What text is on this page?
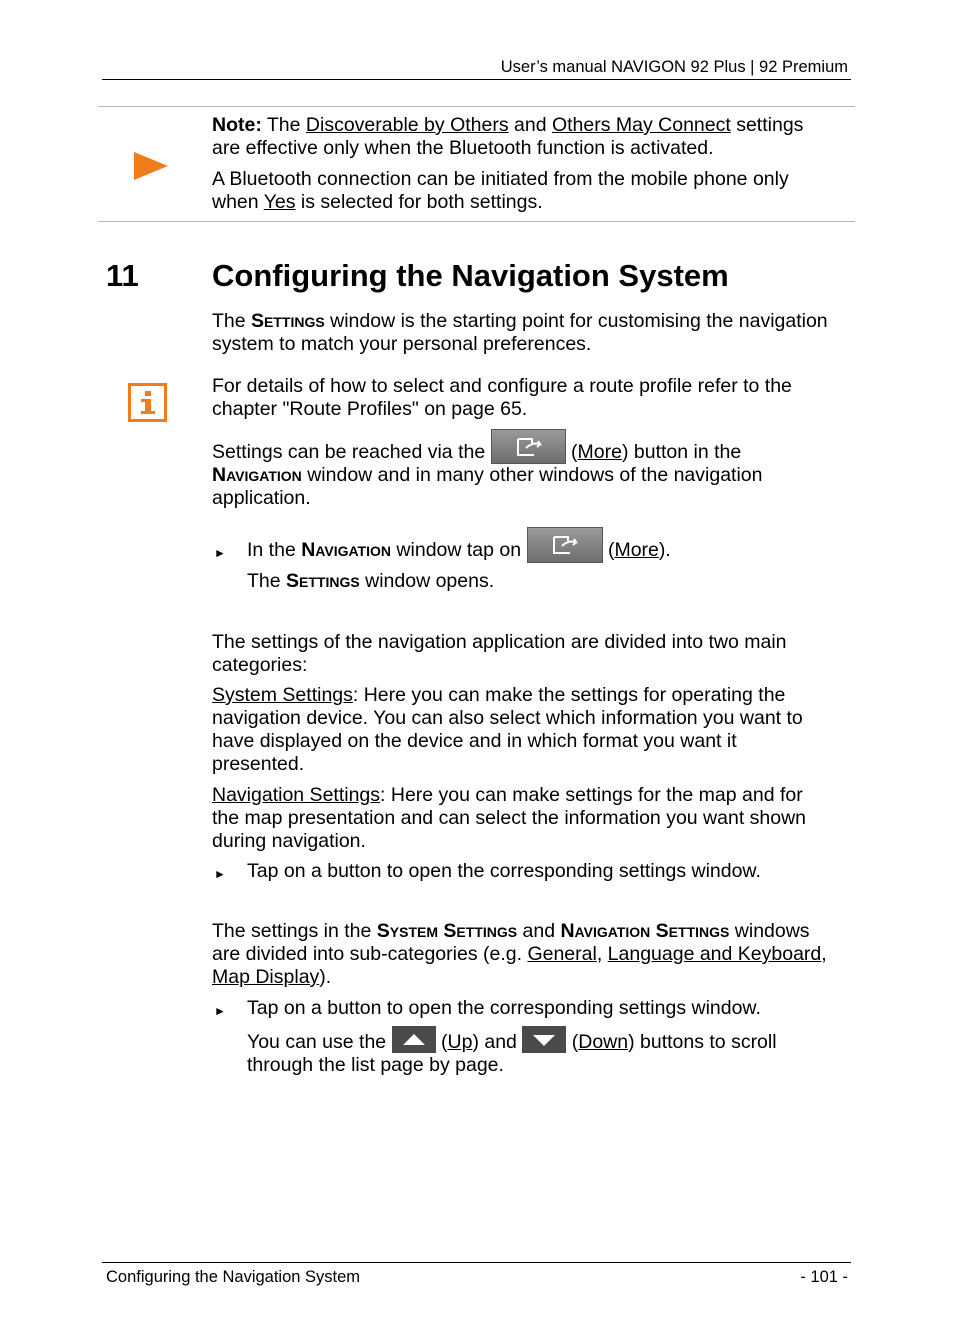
User’s manual NAVIGON 92 Plus | 92 Premium
Note: The Discoverable by Others and Others May Connect settings are effective only when the Bluetooth function is activated.
A Bluetooth connection can be initiated from the mobile phone only when Yes is selected for both settings.
11 Configuring the Navigation System
The Settings window is the starting point for customising the navigation system to match your personal preferences.
For details of how to select and configure a route profile refer to the chapter "Route Profiles" on page 65.
Settings can be reached via the	(More) button in the Navigation window and in many other windows of the navigation application.
► In the Navigation window tap on	(More).
The Settings window opens.
The settings of the navigation application are divided into two main categories:
System Settings: Here you can make the settings for operating the navigation device. You can also select which information you want to have displayed on the device and in which format you want it presented.
Navigation Settings: Here you can make settings for the map and for the map presentation and can select the information you want shown during navigation.
► Tap on a button to open the corresponding settings window.
The settings in the System Settings and Navigation Settings windows are divided into sub-categories (e.g. General, Language and Keyboard, Map Display).
► Tap on a button to open the corresponding settings window.
You can use the
(Up) and
(Down) buttons to scroll through the list page by page.
Configuring the Navigation System	- 101 -
